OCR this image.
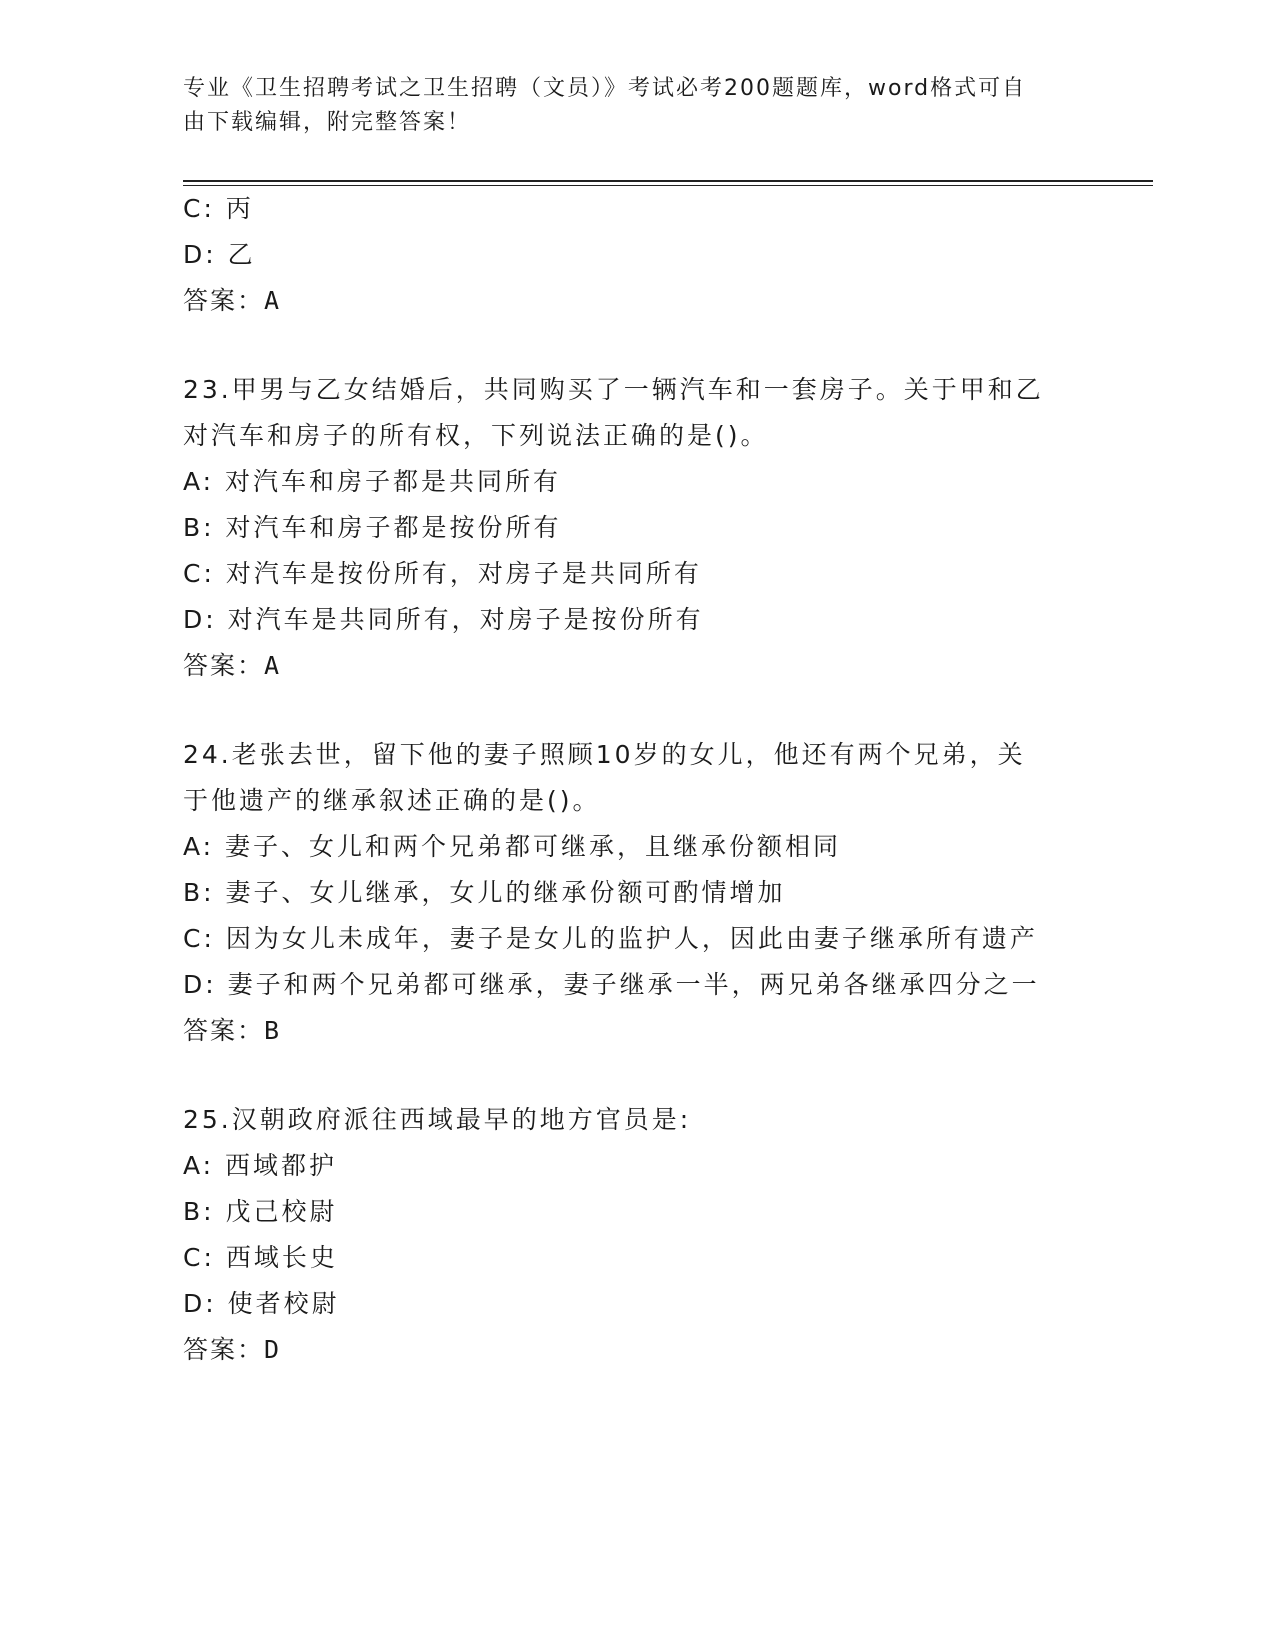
专业《卫生招聘考试之卫生招聘（文员）》考试必考200题题库，word格式可自
由下载编辑，附完整答案！
C: 丙
D: 乙
答案：A
23.甲男与乙女结婚后，共同购买了一辆汽车和一套房子。关于甲和乙
对汽车和房子的所有权，下列说法正确的是()。
A: 对汽车和房子都是共同所有
B: 对汽车和房子都是按份所有
C: 对汽车是按份所有，对房子是共同所有
D: 对汽车是共同所有，对房子是按份所有
答案：A
24.老张去世，留下他的妻子照顾10岁的女儿，他还有两个兄弟，关
于他遗产的继承叙述正确的是()。
A: 妻子、女儿和两个兄弟都可继承，且继承份额相同
B: 妻子、女儿继承，女儿的继承份额可酌情增加
C: 因为女儿未成年，妻子是女儿的监护人，因此由妻子继承所有遗产
D: 妻子和两个兄弟都可继承，妻子继承一半，两兄弟各继承四分之一
答案：B
25.汉朝政府派往西域最早的地方官员是:
A: 西域都护
B: 戊己校尉
C: 西域长史
D: 使者校尉
答案：D
